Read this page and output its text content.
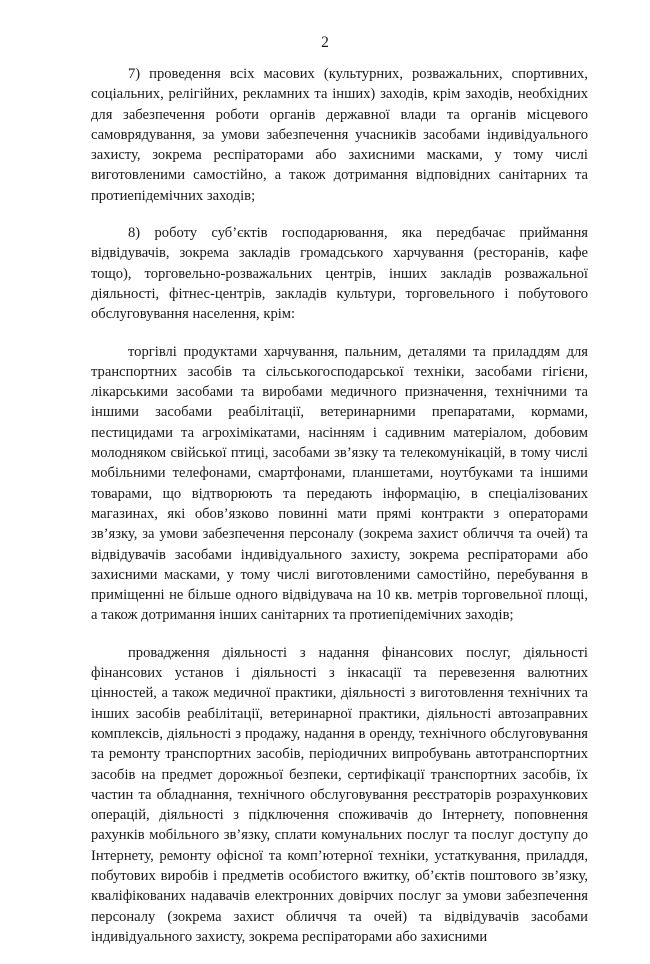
2

7) проведення всіх масових (культурних, розважальних, спортивних, соціальних, релігійних, рекламних та інших) заходів, крім заходів, необхідних для забезпечення роботи органів державної влади та органів місцевого самоврядування, за умови забезпечення учасників засобами індивідуального захисту, зокрема респіраторами або захисними масками, у тому числі виготовленими самостійно, а також дотримання відповідних санітарних та протиепідемічних заходів;

8) роботу суб’єктів господарювання, яка передбачає приймання відвідувачів, зокрема закладів громадського харчування (ресторанів, кафе тощо), торговельно-розважальних центрів, інших закладів розважальної діяльності, фітнес-центрів, закладів культури, торговельного і побутового обслуговування населення, крім:

торгівлі продуктами харчування, пальним, деталями та приладдям для транспортних засобів та сільськогосподарської техніки, засобами гігієни, лікарськими засобами та виробами медичного призначення, технічними та іншими засобами реабілітації, ветеринарними препаратами, кормами, пестицидами та агрохімікатами, насінням і садивним матеріалом, добовим молодняком свійської птиці, засобами зв’язку та телекомунікацій, в тому числі мобільними телефонами, смартфонами, планшетами, ноутбуками та іншими товарами, що відтворюють та передають інформацію, в спеціалізованих магазинах, які обов’язково повинні мати прямі контракти з операторами зв’язку, за умови забезпечення персоналу (зокрема захист обличчя та очей) та відвідувачів засобами індивідуального захисту, зокрема респіраторами або захисними масками, у тому числі виготовленими самостійно, перебування в приміщенні не більше одного відвідувача на 10 кв. метрів торговельної площі, а також дотримання інших санітарних та протиепідемічних заходів;

провадження діяльності з надання фінансових послуг, діяльності фінансових установ і діяльності з інкасації та перевезення валютних цінностей, а також медичної практики, діяльності з виготовлення технічних та інших засобів реабілітації, ветеринарної практики, діяльності автозаправних комплексів, діяльності з продажу, надання в оренду, технічного обслуговування та ремонту транспортних засобів, періодичних випробувань автотранспортних засобів на предмет дорожньої безпеки, сертифікації транспортних засобів, їх частин та обладнання, технічного обслуговування реєстраторів розрахункових операцій, діяльності з підключення споживачів до Інтернету, поповнення рахунків мобільного зв’язку, сплати комунальних послуг та послуг доступу до Інтернету, ремонту офісної та комп’ютерної техніки, устаткування, приладдя, побутових виробів і предметів особистого вжитку, об’єктів поштового зв’язку, кваліфікованих надавачів електронних довірчих послуг за умови забезпечення персоналу (зокрема захист обличчя та очей) та відвідувачів засобами індивідуального захисту, зокрема респіраторами або захисними
